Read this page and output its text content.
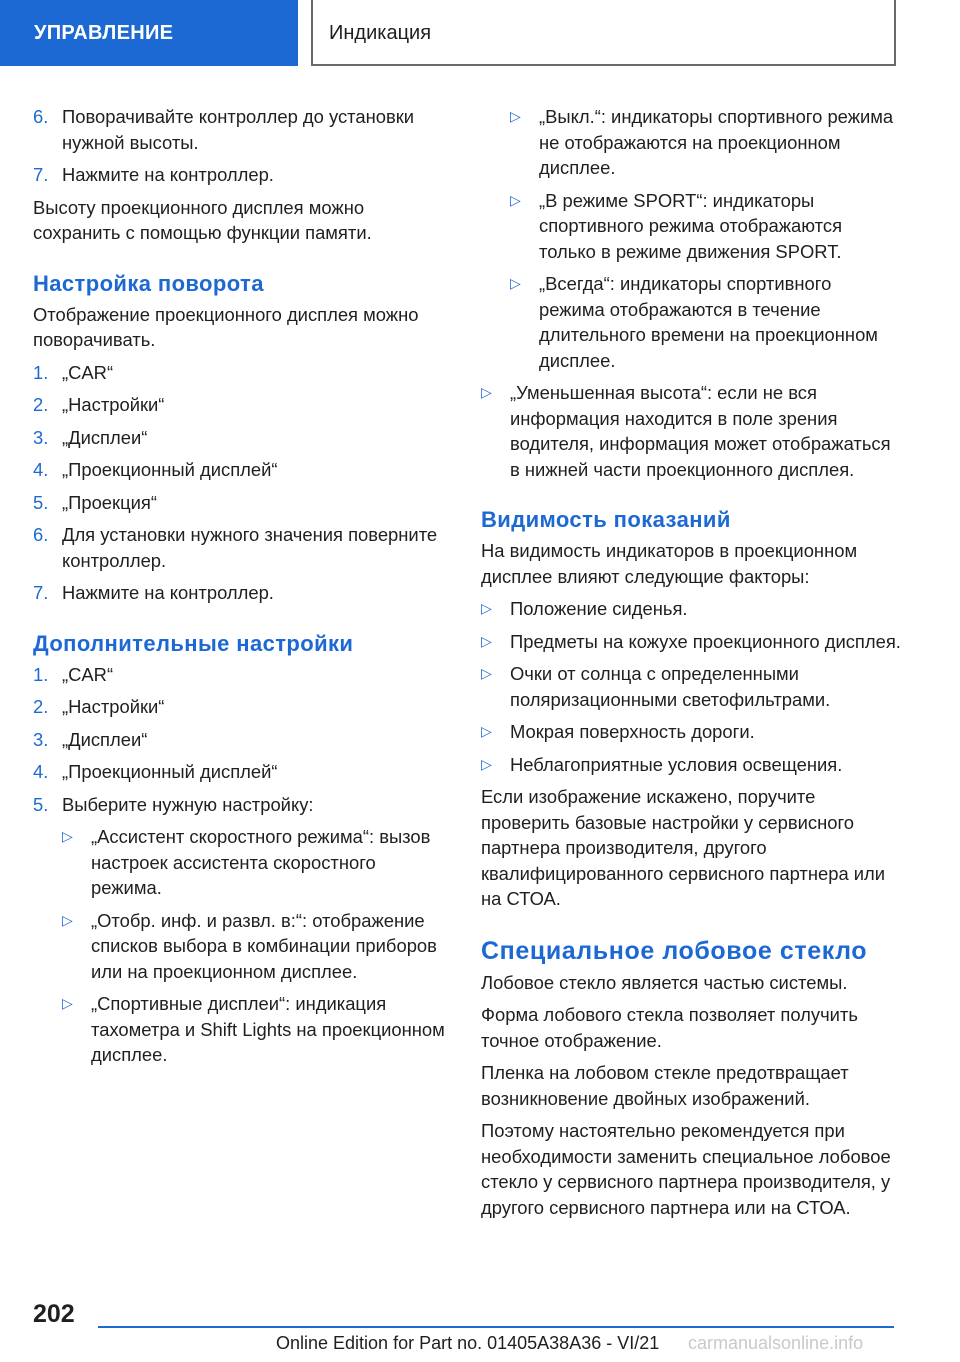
УПРАВЛЕНИЕ	Индикация
6. Поворачивайте контроллер до установки нужной высоты.
7. Нажмите на контроллер.

Высоту проекционного дисплея можно сохранить с помощью функции памяти.

Настройка поворота

Отображение проекционного дисплея можно поворачивать.

1. „CAR“
2. „Настройки“
3. „Дисплеи“
4. „Проекционный дисплей“
5. „Проекция“
6. Для установки нужного значения поверните контроллер.
7. Нажмите на контроллер.
Дополнительные настройки
1. „CAR“
2. „Настройки“
3. „Дисплеи“
4. „Проекционный дисплей“
5. Выберите нужную настройку:
▷ „Ассистент скоростного режима“: вызов настроек ассистента скоростного режима.
▷ „Отобр. инф. и развл. в:“: отображение списков выбора в комбинации приборов или на проекционном дисплее.
▷ „Спортивные дисплеи“: индикация тахометра и Shift Lights на проекционном дисплее.
▷ „Выкл.“: индикаторы спортивного режима не отображаются на проекционном дисплее.
▷ „В режиме SPORT“: индикаторы спортивного режима отображаются только в режиме движения SPORT.
▷ „Всегда“: индикаторы спортивного режима отображаются в течение длительного времени на проекционном дисплее.
▷ „Уменьшенная высота“: если не вся информация находится в поле зрения водителя, информация может отображаться в нижней части проекционного дисплея.
Видимость показаний

На видимость индикаторов в проекционном дисплее влияют следующие факторы:

▷ Положение сиденья.
▷ Предметы на кожухе проекционного дисплея.
▷ Очки от солнца с определенными поляризационными светофильтрами.
▷ Мокрая поверхность дороги.
▷ Неблагоприятные условия освещения.

Если изображение искажено, поручите проверить базовые настройки у сервисного партнера производителя, другого квалифицированного сервисного партнера или на СТОА.

Специальное лобовое стекло

Лобовое стекло является частью системы.

Форма лобового стекла позволяет получить точное отображение.

Пленка на лобовом стекле предотвращает возникновение двойных изображений.

Поэтому настоятельно рекомендуется при необходимости заменить специальное лобовое стекло у сервисного партнера производителя, у другого сервисного партнера или на СТОА.

202
Online Edition for Part no. 01405A38A36 - VI/21 carmanualsonline.info
